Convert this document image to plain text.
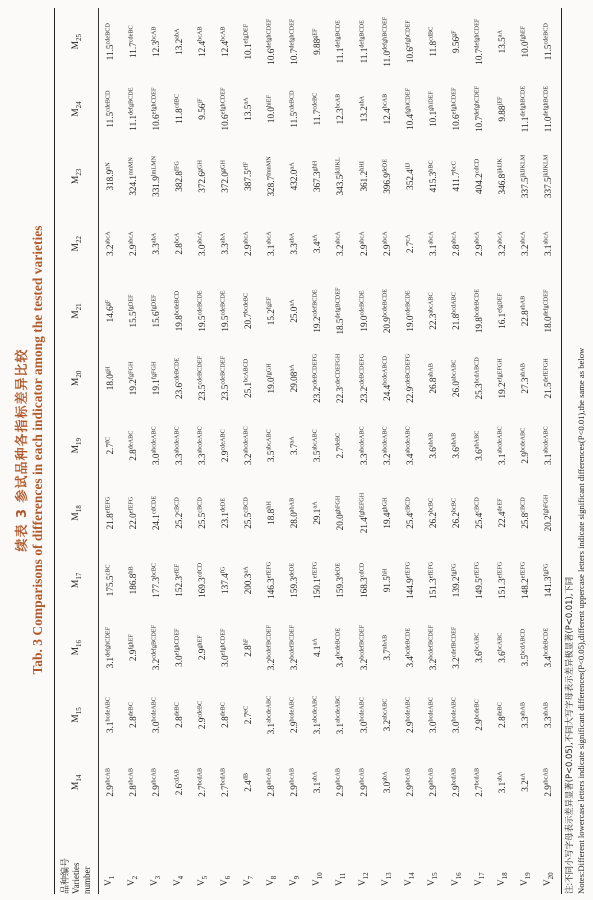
续表 3 参试品种各指标差异比较 Tab. 3 Comparisons of differences in each indicator among the tested varieties
品种编号 Varieties number	$M_{14}$	$M_{15}$	$M_{16}$	$M_{17}$	$M_{18}$	$M_{19}$	$M_{20}$	$M_{21}$	$M_{22}$	$M_{23}$	$M_{24}$	$M_{25}$
$V_1$	$2.9^{abcAB}$	$3.1^{bcdeABC}$	$3.1^{defghCDEF}$	$175.5^{cBC}$	$21.8^{efEFG}$	$2.7^{fC}$	$18.0^{gH}$	$14.6^{gF}$	$3.2^{abcA}$	$318.9^{nN}$	$11.5^{cdeBCD}$	$11.5^{cdeBCD}$
$V_2$	$2.8^{abcAB}$	$2.8^{deBC}$	$2.9^{fghEF}$	$186.8^{bB}$	$22.0^{efEFG}$	$2.8^{deABC}$	$19.2^{fgFGH}$	$15.5^{fgDEF}$	$2.9^{abcA}$	$324.1^{mnMN}$	$11.1^{defgBCDE}$	$11.7^{cdeBC}$
$V_3$	$2.9^{abcAB}$	$3.0^{bcdeABC}$	$3.2^{cdefgBCDEF}$	$177.3^{bcBC}$	$24.1^{cdCDE}$	$3.0^{abcdeABC}$	$19.1^{fgFGH}$	$15.6^{fgDEF}$	$3.3^{abA}$	$331.9^{lmLMN}$	$10.6^{efghCDEF}$	$12.3^{bcAB}$
$V_4$	$2.6^{cdAB}$	$2.8^{deBC}$	$3.0^{efghCDEF}$	$152.3^{efEF}$	$25.2^{cBCD}$	$3.3^{abcdeABC}$	$23.6^{cdeBCDE}$	$19.8^{bcdeBCD}$	$2.8^{bcA}$	$382.8^{fFG}$	$11.8^{cdBC}$	$13.2^{abA}$
$V_5$	$2.7^{bcdAB}$	$2.9^{cdeBC}$	$2.9^{ghEF}$	$169.3^{cdCD}$	$25.5^{cBCD}$	$3.3^{abcdeABC}$	$23.5^{cdeBCDEF}$	$19.5^{cdeBCDE}$	$3.0^{abcA}$	$372.6^{gGH}$	$9.56^{jF}$	$12.4^{bcAB}$
$V_6$	$2.7^{bcdAB}$	$2.8^{deBC}$	$3.0^{efghCDEF}$	$137.4^{fG}$	$23.1^{deDE}$	$2.9^{cdeABC}$	$23.5^{cdeBCDEF}$	$19.5^{cdeBCDE}$	$3.3^{abA}$	$372.0^{gGH}$	$10.6^{efghCDEF}$	$12.4^{bcAB}$
$V_7$	$2.4^{dB}$	$2.7^{eC}$	$2.8^{hF}$	$200.3^{aA}$	$25.5^{cBCD}$	$3.2^{abcdeABC}$	$25.1^{bcABCD}$	$20.7^{bcdeBC}$	$2.9^{abcA}$	$387.5^{efF}$	$13.5^{aA}$	$10.1^{efgDEF}$
$V_8$	$2.8^{abcAB}$	$3.1^{abcdeABC}$	$3.2^{bcdefBCDEF}$	$146.3^{efEFG}$	$18.8^{hH}$	$3.5^{abcABC}$	$19.0^{fgGH}$	$15.2^{fgEF}$	$3.1^{abcA}$	$328.7^{lmnMN}$	$10.0^{hiEF}$	$10.6^{defghCDEF}$
$V_9$	$2.9^{abcAB}$	$2.9^{bcdeABC}$	$3.2^{bcdefBCDEF}$	$159.3^{deDE}$	$28.0^{abAB}$	$3.7^{aA}$	$29.08^{aA}$	$25.0^{aA}$	$3.3^{abA}$	$432.0^{aA}$	$11.5^{cdeBCD}$	$10.7^{defghCDEF}$
$V_{10}$	$3.1^{abA}$	$3.1^{abcdeABC}$	$4.1^{aA}$	$150.1^{efEFG}$	$29.1^{aA}$	$3.5^{abcABC}$	$23.2^{cdeBCDEFG}$	$19.2^{cdefBCDE}$	$3.4^{aA}$	$367.3^{ghH}$	$11.7^{cdeBC}$	$9.88^{gEF}$
$V_{11}$	$2.9^{abcAB}$	$3.1^{abcdeABC}$	$3.4^{bcdeBCDE}$	$159.3^{deDE}$	$20.0^{ghFGH}$	$2.7^{deBC}$	$22.3^{cdeCDEFGH}$	$18.5^{defgBCDEF}$	$3.2^{abcA}$	$343.5^{jkIJKL}$	$12.3^{bcAB}$	$11.1^{defgBCDE}$
$V_{12}$	$2.9^{abcAB}$	$3.0^{bcdeABC}$	$3.2^{bcdefBCDEF}$	$168.3^{cdCD}$	$21.4^{fghEFGH}$	$3.3^{abcdeABC}$	$23.2^{cdeBCDEFG}$	$19.0^{cdeBCDE}$	$2.9^{abcA}$	$361.2^{hHI}$	$13.2^{abA}$	$11.1^{defgBCDE}$
$V_{13}$	$3.0^{abA}$	$3.2^{abcABC}$	$3.7^{abAB}$	$91.5^{hH}$	$19.4^{ghGH}$	$3.2^{abcdeABC}$	$24.4^{bcdeABCD}$	$20.9^{bcdeBCDE}$	$2.9^{abcA}$	$396.9^{deDE}$	$12.4^{bcAB}$	$11.0^{defghBCDEF}$
$V_{14}$	$2.9^{abcAB}$	$2.9^{bcdeABC}$	$3.4^{bcdeBCDE}$	$144.9^{efEFG}$	$25.4^{cBCD}$	$3.4^{abcdeABC}$	$22.9^{cdeBCDEFG}$	$19.0^{cdeBCDE}$	$2.7^{cA}$	$352.4^{iIJ}$	$10.4^{fghiCDEF}$	$10.6^{efghCDEF}$
$V_{15}$	$2.9^{abcAB}$	$3.0^{bcdeABC}$	$3.2^{bcdefBCDEF}$	$151.3^{efEFG}$	$26.2^{bcBC}$	$3.6^{abAB}$	$26.8^{abAB}$	$22.3^{abcABC}$	$3.1^{abcA}$	$415.3^{bBC}$	$10.1^{ghiDEF}$	$11.8^{cdBC}$
$V_{16}$	$2.9^{bcdAB}$	$3.0^{bcdeABC}$	$3.2^{cdefBCDEF}$	$139.2^{fgFG}$	$26.2^{bcBC}$	$3.6^{abAB}$	$26.0^{abcABC}$	$21.8^{bcdABC}$	$2.8^{abcA}$	$411.7^{bcC}$	$10.6^{efghCDEF}$	$9.56^{gF}$
$V_{17}$	$2.7^{bcdAB}$	$2.9^{bcdeBC}$	$3.6^{bcABC}$	$149.5^{efEFG}$	$25.4^{cBCD}$	$3.6^{abABC}$	$25.3^{bcdABCD}$	$19.8^{bcdeBCDE}$	$2.9^{abcA}$	$404.2^{cdCD}$	$10.7^{defghCDEF}$	$10.7^{defghCDEF}$
$V_{18}$	$3.1^{abA}$	$2.8^{deBC}$	$3.6^{bcABC}$	$151.3^{efEFG}$	$22.4^{deEF}$	$3.1^{abcdeABC}$	$19.2^{efgEFGH}$	$16.1^{efgDEF}$	$3.2^{abcA}$	$346.8^{ijkIJK}$	$9.88^{jEF}$	$13.5^{aA}$
$V_{19}$	$3.2^{aA}$	$3.3^{abAB}$	$3.5^{bcdABCD}$	$148.2^{efEFG}$	$25.8^{cBCD}$	$2.9^{bcdeABC}$	$27.3^{abAB}$	$22.8^{abAB}$	$3.2^{abcA}$	$337.5^{jklJKLM}$	$11.1^{defghBCDE}$	$10.0^{fghEF}$
$V_{20}$	$2.9^{abcAB}$	$3.3^{abAB}$	$3.4^{bcdeBCDE}$	$141.3^{fgFG}$	$20.2^{fghFGH}$	$3.1^{abcdeABC}$	$21.5^{defEFGH}$	$18.0^{defgCDEF}$	$3.1^{abcA}$	$337.5^{jklJKLM}$	$11.0^{defghBCDE}$	$11.5^{cdeBCD}$
注:不同小写字母表示差异显著(P<0.05),不同大写字母表示差异极显著(P<0.01),下同 Notes:Different lowercase letters indicate significant differences(P<0.05),different uppercase letters indicate significant differences(P<0.01),the same as below
